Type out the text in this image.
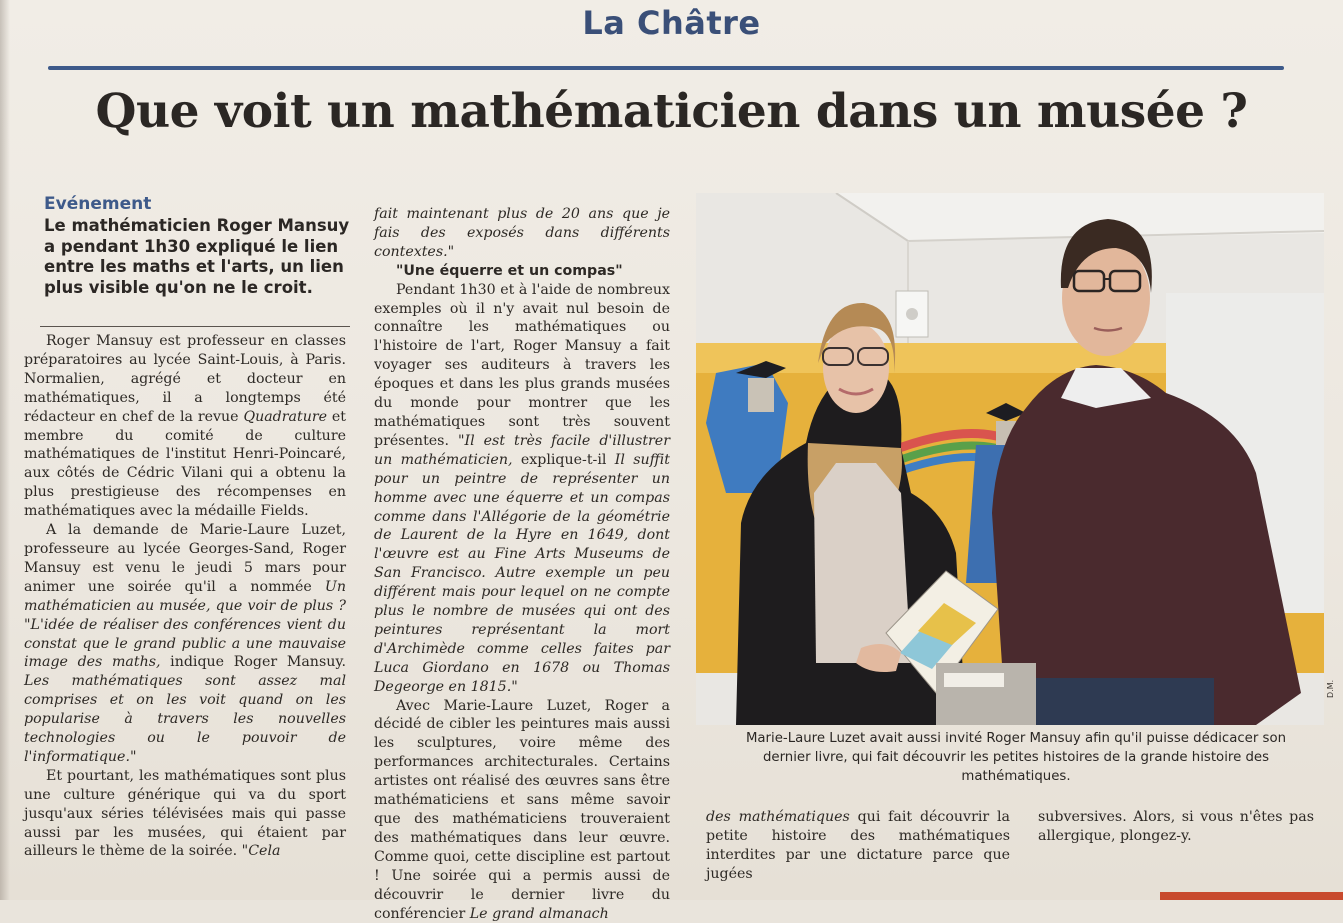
La Châtre
Que voit un mathématicien dans un musée ?
Evénement
Le mathématicien Roger Mansuy a pendant 1h30 expliqué le lien entre les maths et l'arts, un lien plus visible qu'on ne le croit.

Roger Mansuy est professeur en classes préparatoires au lycée Saint-Louis, à Paris. Normalien, agrégé et docteur en mathématiques, il a longtemps été rédacteur en chef de la revue Quadrature et membre du comité de culture mathématiques de l'institut Henri-Poincaré, aux côtés de Cédric Vilani qui a obtenu la plus prestigieuse des récompenses en mathématiques avec la médaille Fields.

A la demande de Marie-Laure Luzet, professeure au lycée Georges-Sand, Roger Mansuy est venu le jeudi 5 mars pour animer une soirée qu'il a nommée Un mathématicien au musée, que voir de plus ? "L'idée de réaliser des conférences vient du constat que le grand public a une mauvaise image des maths, indique Roger Mansuy. Les mathématiques sont assez mal comprises et on les voit quand on les popularise à travers les nouvelles technologies ou le pouvoir de l'informatique."

Et pourtant, les mathématiques sont plus une culture générique qui va du sport jusqu'aux séries télévisées mais qui passe aussi par les musées, qui étaient par ailleurs le thème de la soirée. "Cela

fait maintenant plus de 20 ans que je fais des exposés dans différents contextes."

"Une équerre et un compas"

Pendant 1h30 et à l'aide de nombreux exemples où il n'y avait nul besoin de connaître les mathématiques ou l'histoire de l'art, Roger Mansuy a fait voyager ses auditeurs à travers les époques et dans les plus grands musées du monde pour montrer que les mathématiques sont très souvent présentes. "Il est très facile d'illustrer un mathématicien, explique-t-il Il suffit pour un peintre de représenter un homme avec une équerre et un compas comme dans l'Allégorie de la géométrie de Laurent de la Hyre en 1649, dont l'œuvre est au Fine Arts Museums de San Francisco. Autre exemple un peu différent mais pour lequel on ne compte plus le nombre de musées qui ont des peintures représentant la mort d'Archimède comme celles faites par Luca Giordano en 1678 ou Thomas Degeorge en 1815."

Avec Marie-Laure Luzet, Roger a décidé de cibler les peintures mais aussi les sculptures, voire même des performances architecturales. Certains artistes ont réalisé des œuvres sans être mathématiciens et sans même savoir que des mathématiciens trouveraient des mathématiques dans leur œuvre. Comme quoi, cette discipline est partout ! Une soirée qui a permis aussi de découvrir le dernier livre du conférencier Le grand almanach

D.M.
Marie-Laure Luzet avait aussi invité Roger Mansuy afin qu'il puisse dédicacer son dernier livre, qui fait découvrir les petites histoires de la grande histoire des mathématiques.

des mathématiques qui fait découvrir la petite histoire des mathématiques interdites par une dictature parce que jugées

subversives. Alors, si vous n'êtes pas allergique, plongez-y.
